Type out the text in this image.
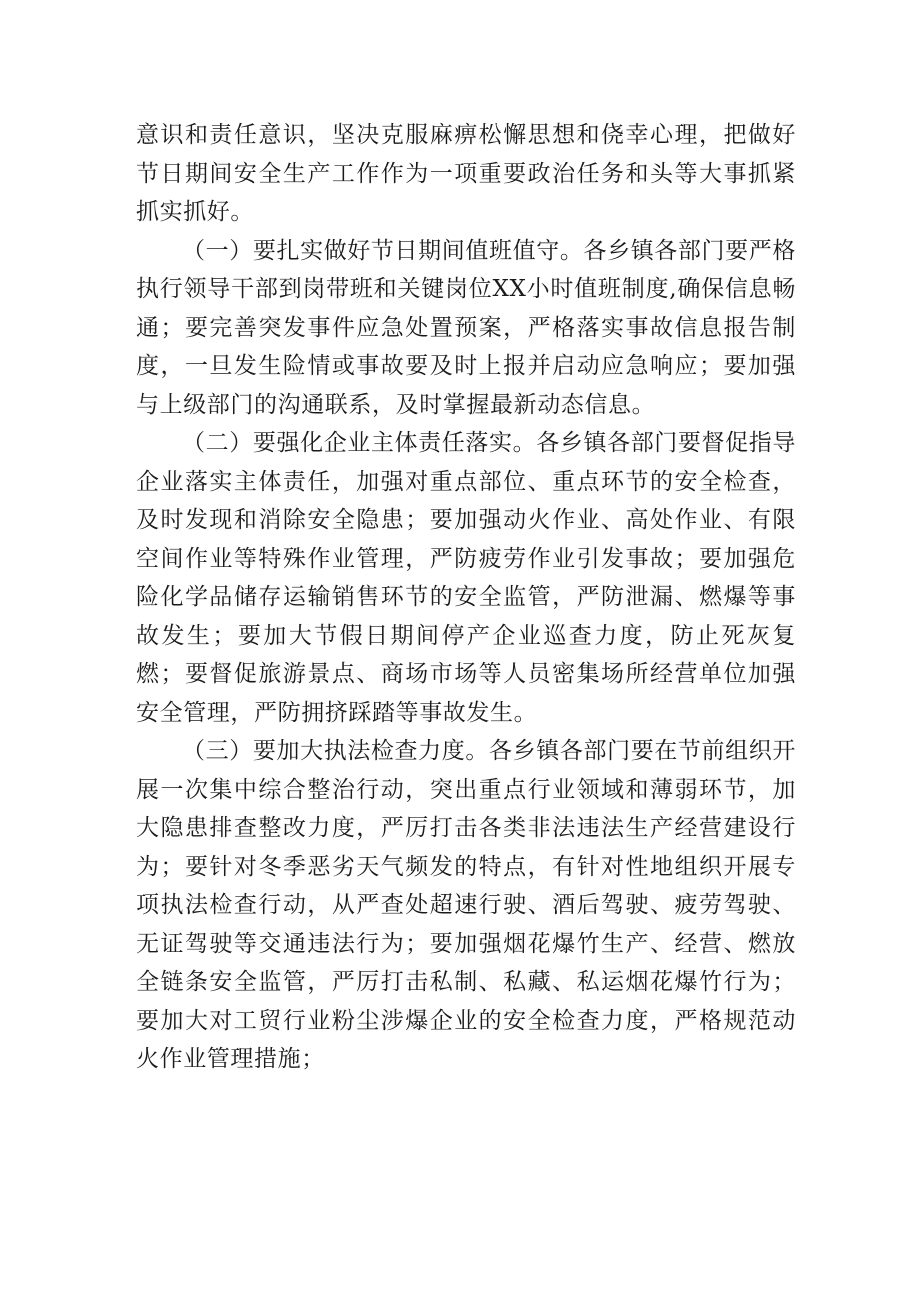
意识和责任意识，坚决克服麻痹松懈思想和侥幸心理，把做好节日期间安全生产工作作为一项重要政治任务和头等大事抓紧抓实抓好。

（一）要扎实做好节日期间值班值守。各乡镇各部门要严格执行领导干部到岗带班和关键岗位XX小时值班制度,确保信息畅通；要完善突发事件应急处置预案，严格落实事故信息报告制度，一旦发生险情或事故要及时上报并启动应急响应；要加强与上级部门的沟通联系，及时掌握最新动态信息。

（二）要强化企业主体责任落实。各乡镇各部门要督促指导企业落实主体责任，加强对重点部位、重点环节的安全检查，及时发现和消除安全隐患；要加强动火作业、高处作业、有限空间作业等特殊作业管理，严防疲劳作业引发事故；要加强危险化学品储存运输销售环节的安全监管，严防泄漏、燃爆等事故发生；要加大节假日期间停产企业巡查力度，防止死灰复燃；要督促旅游景点、商场市场等人员密集场所经营单位加强安全管理，严防拥挤踩踏等事故发生。

（三）要加大执法检查力度。各乡镇各部门要在节前组织开展一次集中综合整治行动，突出重点行业领域和薄弱环节，加大隐患排查整改力度，严厉打击各类非法违法生产经营建设行为；要针对冬季恶劣天气频发的特点，有针对性地组织开展专项执法检查行动，从严查处超速行驶、酒后驾驶、疲劳驾驶、无证驾驶等交通违法行为；要加强烟花爆竹生产、经营、燃放全链条安全监管，严厉打击私制、私藏、私运烟花爆竹行为；要加大对工贸行业粉尘涉爆企业的安全检查力度，严格规范动火作业管理措施；
